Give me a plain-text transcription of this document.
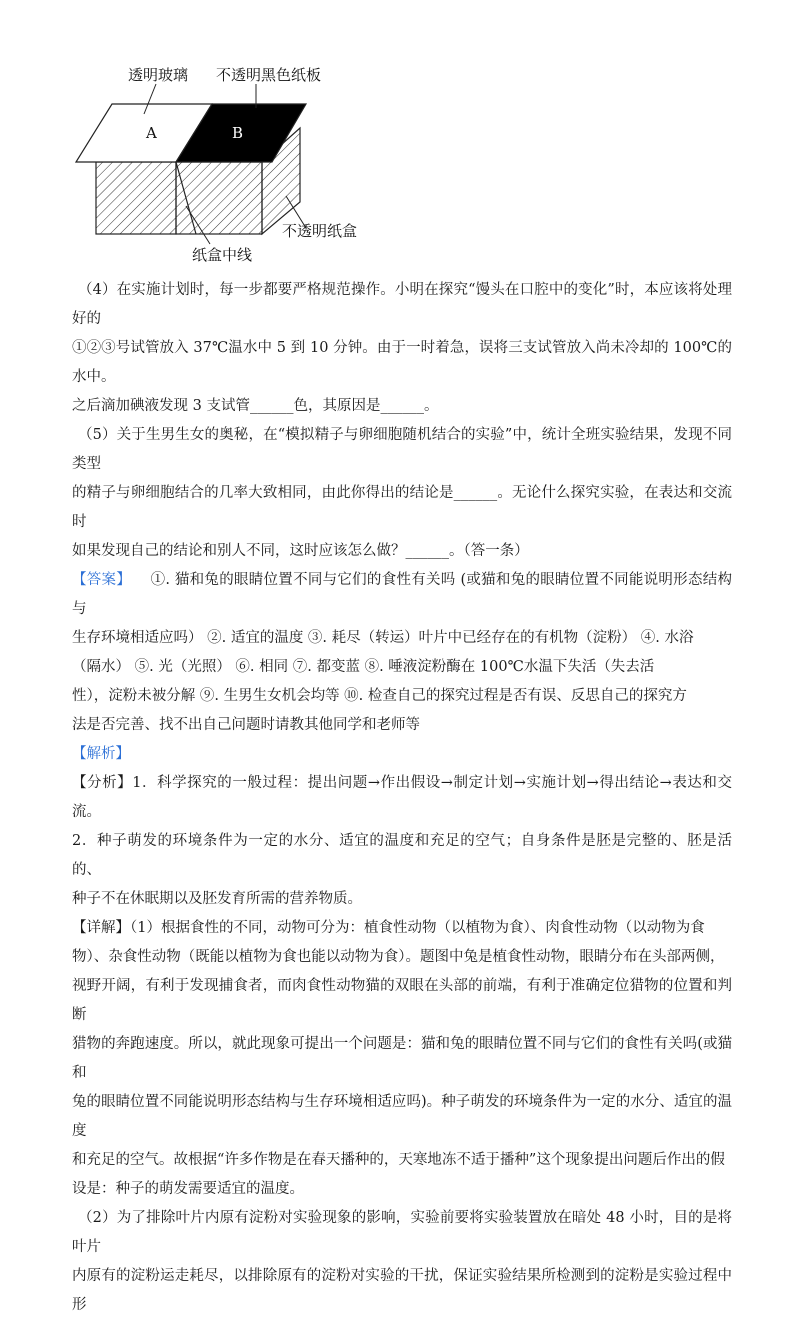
透明玻璃 不透明黑色纸板
A	B
不透明纸盒
纸盒中线

（4）在实施计划时，每一步都要严格规范操作。小明在探究“馒头在口腔中的变化”时，本应该将处理好的

①②③号试管放入 37℃温水中 5 到 10 分钟。由于一时着急，误将三支试管放入尚未冷却的 100℃的水中。

之后滴加碘液发现 3 支试管______色，其原因是______。

（5）关于生男生女的奥秘，在“模拟精子与卵细胞随机结合的实验”中，统计全班实验结果，发现不同类型

的精子与卵细胞结合的几率大致相同，由此你得出的结论是______。无论什么探究实验，在表达和交流时

如果发现自己的结论和别人不同，这时应该怎么做？______。（答一条）

【答案】 ①. 猫和兔的眼睛位置不同与它们的食性有关吗 (或猫和兔的眼睛位置不同能说明形态结构与

生存环境相适应吗） ②. 适宜的温度 ③. 耗尽（转运）叶片中已经存在的有机物（淀粉） ④. 水浴

（隔水） ⑤. 光（光照） ⑥. 相同 ⑦. 都变蓝 ⑧. 唾液淀粉酶在 100℃水温下失活（失去活

性），淀粉未被分解 ⑨. 生男生女机会均等 ⑩. 检查自己的探究过程是否有误、反思自己的探究方

法是否完善、找不出自己问题时请教其他同学和老师等

【解析】

【分析】1．科学探究的一般过程：提出问题→作出假设→制定计划→实施计划→得出结论→表达和交流。

2．种子萌发的环境条件为一定的水分、适宜的温度和充足的空气；自身条件是胚是完整的、胚是活的、

种子不在休眠期以及胚发育所需的营养物质。

【详解】（1）根据食性的不同，动物可分为：植食性动物（以植物为食）、肉食性动物（以动物为食

物）、杂食性动物（既能以植物为食也能以动物为食）。题图中兔是植食性动物，眼睛分布在头部两侧，

视野开阔，有利于发现捕食者，而肉食性动物猫的双眼在头部的前端，有利于准确定位猎物的位置和判断

猎物的奔跑速度。所以，就此现象可提出一个问题是：猫和兔的眼睛位置不同与它们的食性有关吗(或猫和

兔的眼睛位置不同能说明形态结构与生存环境相适应吗)。种子萌发的环境条件为一定的水分、适宜的温度

和充足的空气。故根据“许多作物是在春天播种的，天寒地冻不适于播种”这个现象提出问题后作出的假

设是：种子的萌发需要适宜的温度。

（2）为了排除叶片内原有淀粉对实验现象的影响，实验前要将实验装置放在暗处 48 小时，目的是将叶片

内原有的淀粉运走耗尽，以排除原有的淀粉对实验的干扰，保证实验结果所检测到的淀粉是实验过程中形
